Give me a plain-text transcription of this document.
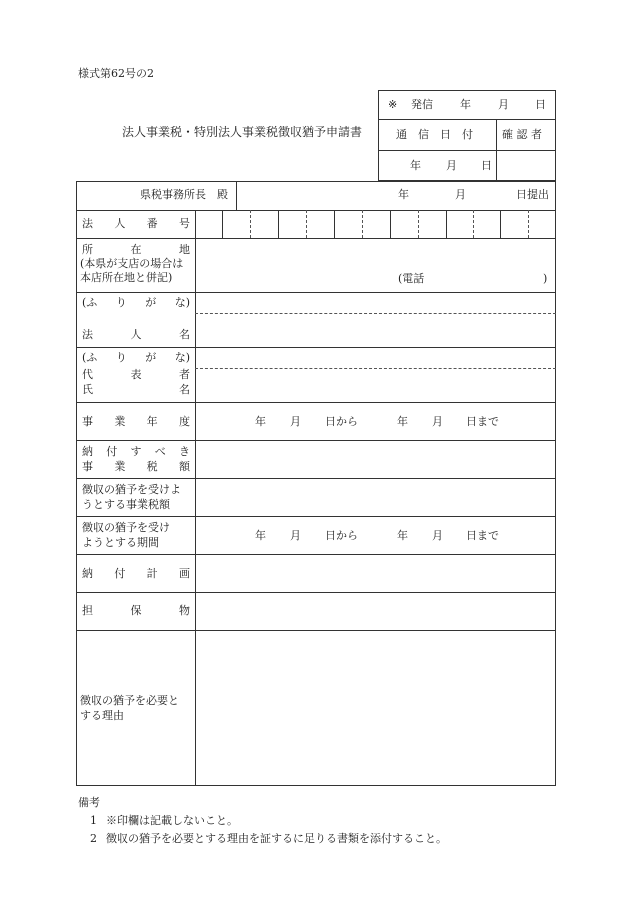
様式第62号の2
法人事業税・特別法人事業税徴収猶予申請書
※ 発信 年 月 日
通　信　日　付	確 認 者
年 月 日
県税事務所長　殿	年	月	日提出
法 人 番 号
所	在	地
(本県が支店の場合は
本店所在地と併記)	(電話	)
(ふ り が な)
法	人	名
(ふ り が な)
代	表	者
氏	名
事 業 年 度	年 月 日から	年 月 日まで
納 付 す べ き
事 業 税 額
徴収の猶予を受けよ
うとする事業税額
徴収の猶予を受け
ようとする期間
年 月 日から	年 月 日まで
納 付 計 画
担	保	物
徴収の猶予を必要と
する理由
備考
1 ※印欄は記載しないこと。
2 徴収の猶予を必要とする理由を証するに足りる書類を添付すること。
